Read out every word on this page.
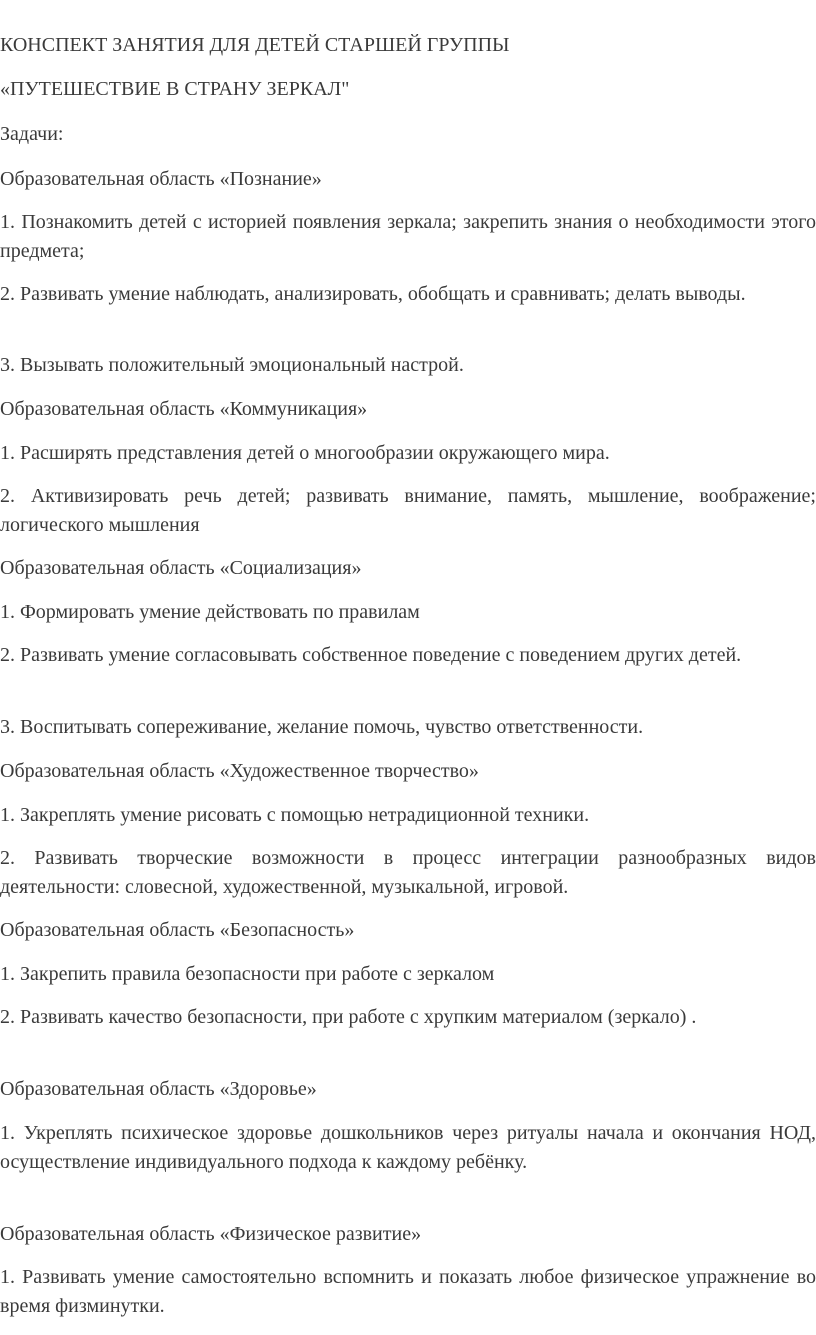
КОНСПЕКТ ЗАНЯТИЯ ДЛЯ ДЕТЕЙ СТАРШЕЙ ГРУППЫ

«ПУТЕШЕСТВИЕ В СТРАНУ ЗЕРКАЛ"

Задачи:

Образовательная область «Познание»

1. Познакомить детей с историей появления зеркала; закрепить знания о необходимости этого предмета;

2. Развивать умение наблюдать, анализировать, обобщать и сравнивать; делать выводы.

3. Вызывать положительный эмоциональный настрой.

Образовательная область «Коммуникация»

1. Расширять представления детей о многообразии окружающего мира.

2. Активизировать речь детей; развивать внимание, память, мышление, воображение; логического мышления

Образовательная область «Социализация»

1. Формировать умение действовать по правилам

2. Развивать умение согласовывать собственное поведение с поведением других детей.

3. Воспитывать сопереживание, желание помочь, чувство ответственности.

Образовательная область «Художественное творчество»

1. Закреплять умение рисовать с помощью нетрадиционной техники.

2. Развивать творческие возможности в процесс интеграции разнообразных видов деятельности: словесной, художественной, музыкальной, игровой.

Образовательная область «Безопасность»

1. Закрепить правила безопасности при работе с зеркалом

2. Развивать качество безопасности, при работе с хрупким материалом (зеркало) .

Образовательная область «Здоровье»

1. Укреплять психическое здоровье дошкольников через ритуалы начала и окончания НОД, осуществление индивидуального подхода к каждому ребёнку.

Образовательная область «Физическое развитие»

1. Развивать умение самостоятельно вспомнить и показать любое физическое упражнение во время физминутки.
